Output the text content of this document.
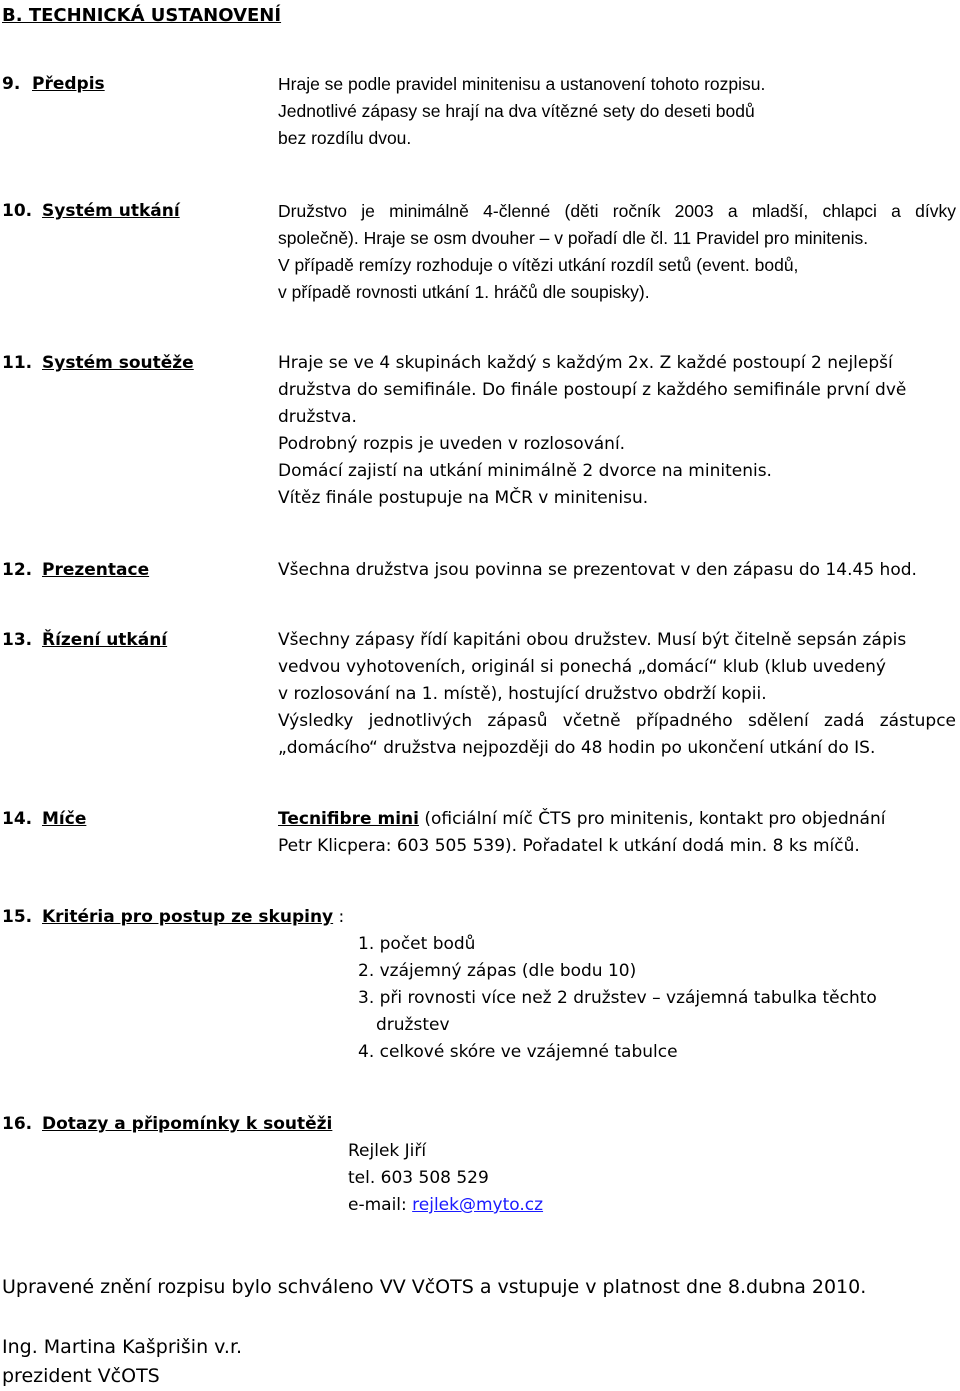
B. TECHNICKÁ USTANOVENÍ
9. Předpis	Hraje se podle pravidel minitenisu a ustanovení tohoto rozpisu.
Jednotlivé zápasy se hrají na dva vítězné sety do deseti bodů
bez rozdílu dvou.
10. Systém utkání	Družstvo je minimálně 4-členné (děti ročník 2003 a mladší, chlapci a dívky
společně). Hraje se osm dvouher – v pořadí dle čl. 11 Pravidel pro minitenis.
V případě remízy rozhoduje o vítězi utkání rozdíl setů (event. bodů,
v případě rovnosti utkání 1. hráčů dle soupisky).
11. Systém soutěže	Hraje se ve 4 skupinách každý s každým 2x. Z každé postoupí 2 nejlepší
družstva do semifinále. Do finále postoupí z každého semifinále první dvě
družstva.
Podrobný rozpis je uveden v rozlosování.
Domácí zajistí na utkání minimálně 2 dvorce na minitenis.
Vítěz finále postupuje na MČR v minitenisu.
12. Prezentace	Všechna družstva jsou povinna se prezentovat v den zápasu do 14.45 hod.
13. Řízení utkání	Všechny zápasy řídí kapitáni obou družstev. Musí být čitelně sepsán zápis
vedvou vyhotoveních, originál si ponechá „domácí“ klub (klub uvedený
v rozlosování na 1. místě), hostující družstvo obdrží kopii.
Výsledky jednotlivých zápasů včetně případného sdělení zadá zástupce
„domácího“ družstva nejpozději do 48 hodin po ukončení utkání do IS.
14. Míče	Tecnifibre mini (oficiální míč ČTS pro minitenis, kontakt pro objednání
Petr Klicpera: 603 505 539). Pořadatel k utkání dodá min. 8 ks míčů.
15. Kritéria pro postup ze skupiny :
1. počet bodů
2. vzájemný zápas (dle bodu 10)
3. při rovnosti více než 2 družstev – vzájemná tabulka těchto
družstev
4. celkové skóre ve vzájemné tabulce
16. Dotazy a připomínky k soutěži
Rejlek Jiří
tel. 603 508 529
e-mail: rejlek@myto.cz
Upravené znění rozpisu bylo schváleno VV VčOTS a vstupuje v platnost dne 8.dubna 2010.
Ing. Martina Kašprišin v.r.
prezident VčOTS
